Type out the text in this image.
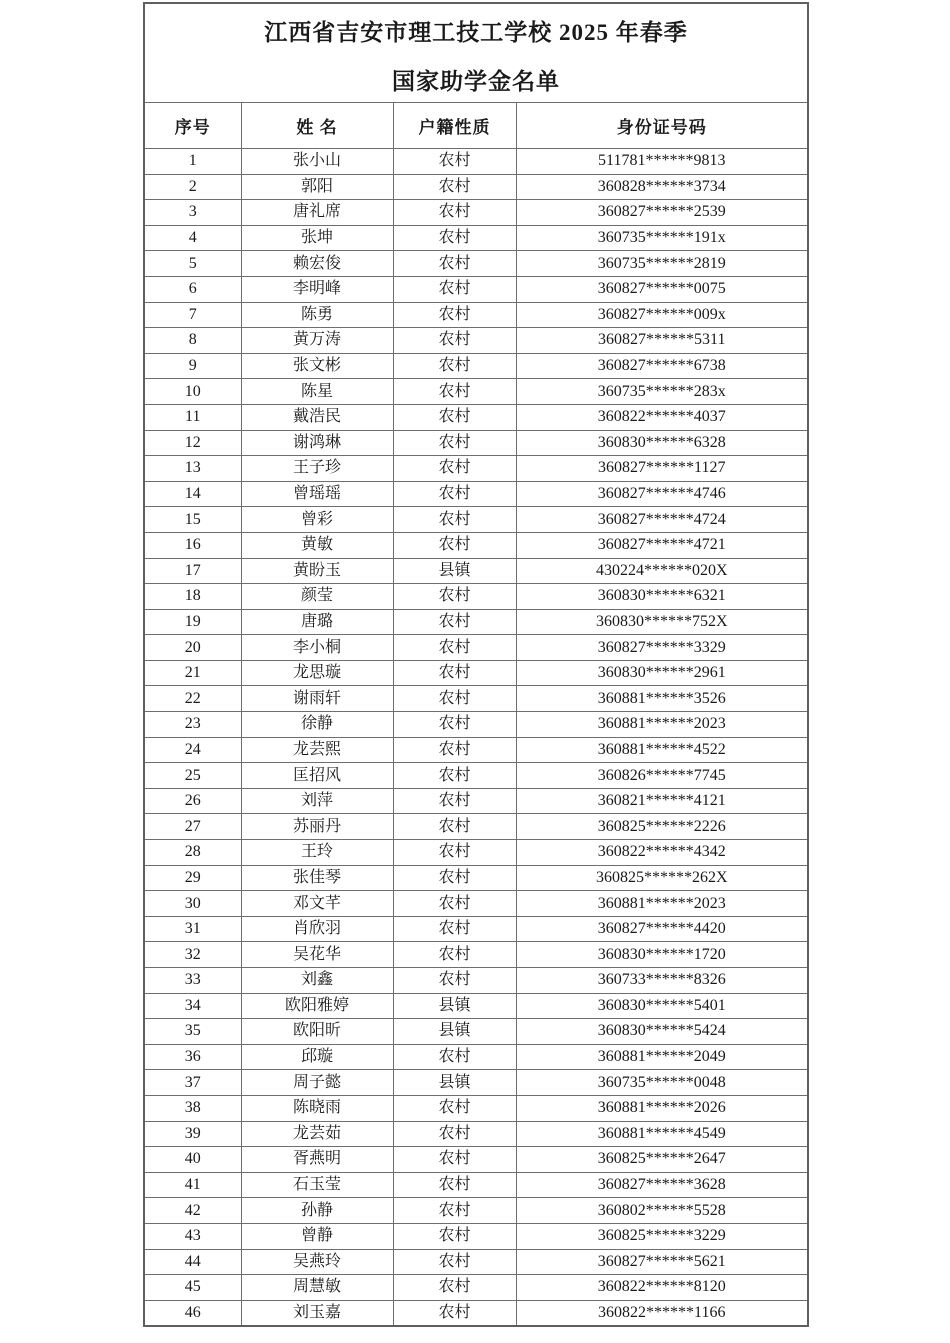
江西省吉安市理工技工学校 2025 年春季
国家助学金名单			

序号	姓 名	户籍性质	身份证号码
1	张小山	农村	511781******9813
2	郭阳	农村	360828******3734
3	唐礼席	农村	360827******2539
4	张坤	农村	360735******191x
5	赖宏俊	农村	360735******2819
6	李明峰	农村	360827******0075
7	陈勇	农村	360827******009x
8	黄万涛	农村	360827******5311
9	张文彬	农村	360827******6738
10	陈星	农村	360735******283x
11	戴浩民	农村	360822******4037
12	谢鸿琳	农村	360830******6328
13	王子珍	农村	360827******1127
14	曾瑶瑶	农村	360827******4746
15	曾彩	农村	360827******4724
16	黄敏	农村	360827******4721
17	黄盼玉	县镇	430224******020X
18	颜莹	农村	360830******6321
19	唐璐	农村	360830******752X
20	李小桐	农村	360827******3329
21	龙思璇	农村	360830******2961
22	谢雨轩	农村	360881******3526
23	徐静	农村	360881******2023
24	龙芸熙	农村	360881******4522
25	匡招风	农村	360826******7745
26	刘萍	农村	360821******4121
27	苏丽丹	农村	360825******2226
28	王玲	农村	360822******4342
29	张佳琴	农村	360825******262X
30	邓文芊	农村	360881******2023
31	肖欣羽	农村	360827******4420
32	吴花华	农村	360830******1720
33	刘鑫	农村	360733******8326
34	欧阳雅婷	县镇	360830******5401
35	欧阳昕	县镇	360830******5424
36	邱璇	农村	360881******2049
37	周子懿	县镇	360735******0048
38	陈晓雨	农村	360881******2026
39	龙芸茹	农村	360881******4549
40	胥燕明	农村	360825******2647
41	石玉莹	农村	360827******3628
42	孙静	农村	360802******5528
43	曾静	农村	360825******3229
44	吴燕玲	农村	360827******5621
45	周慧敏	农村	360822******8120
46	刘玉嘉	农村	360822******1166
